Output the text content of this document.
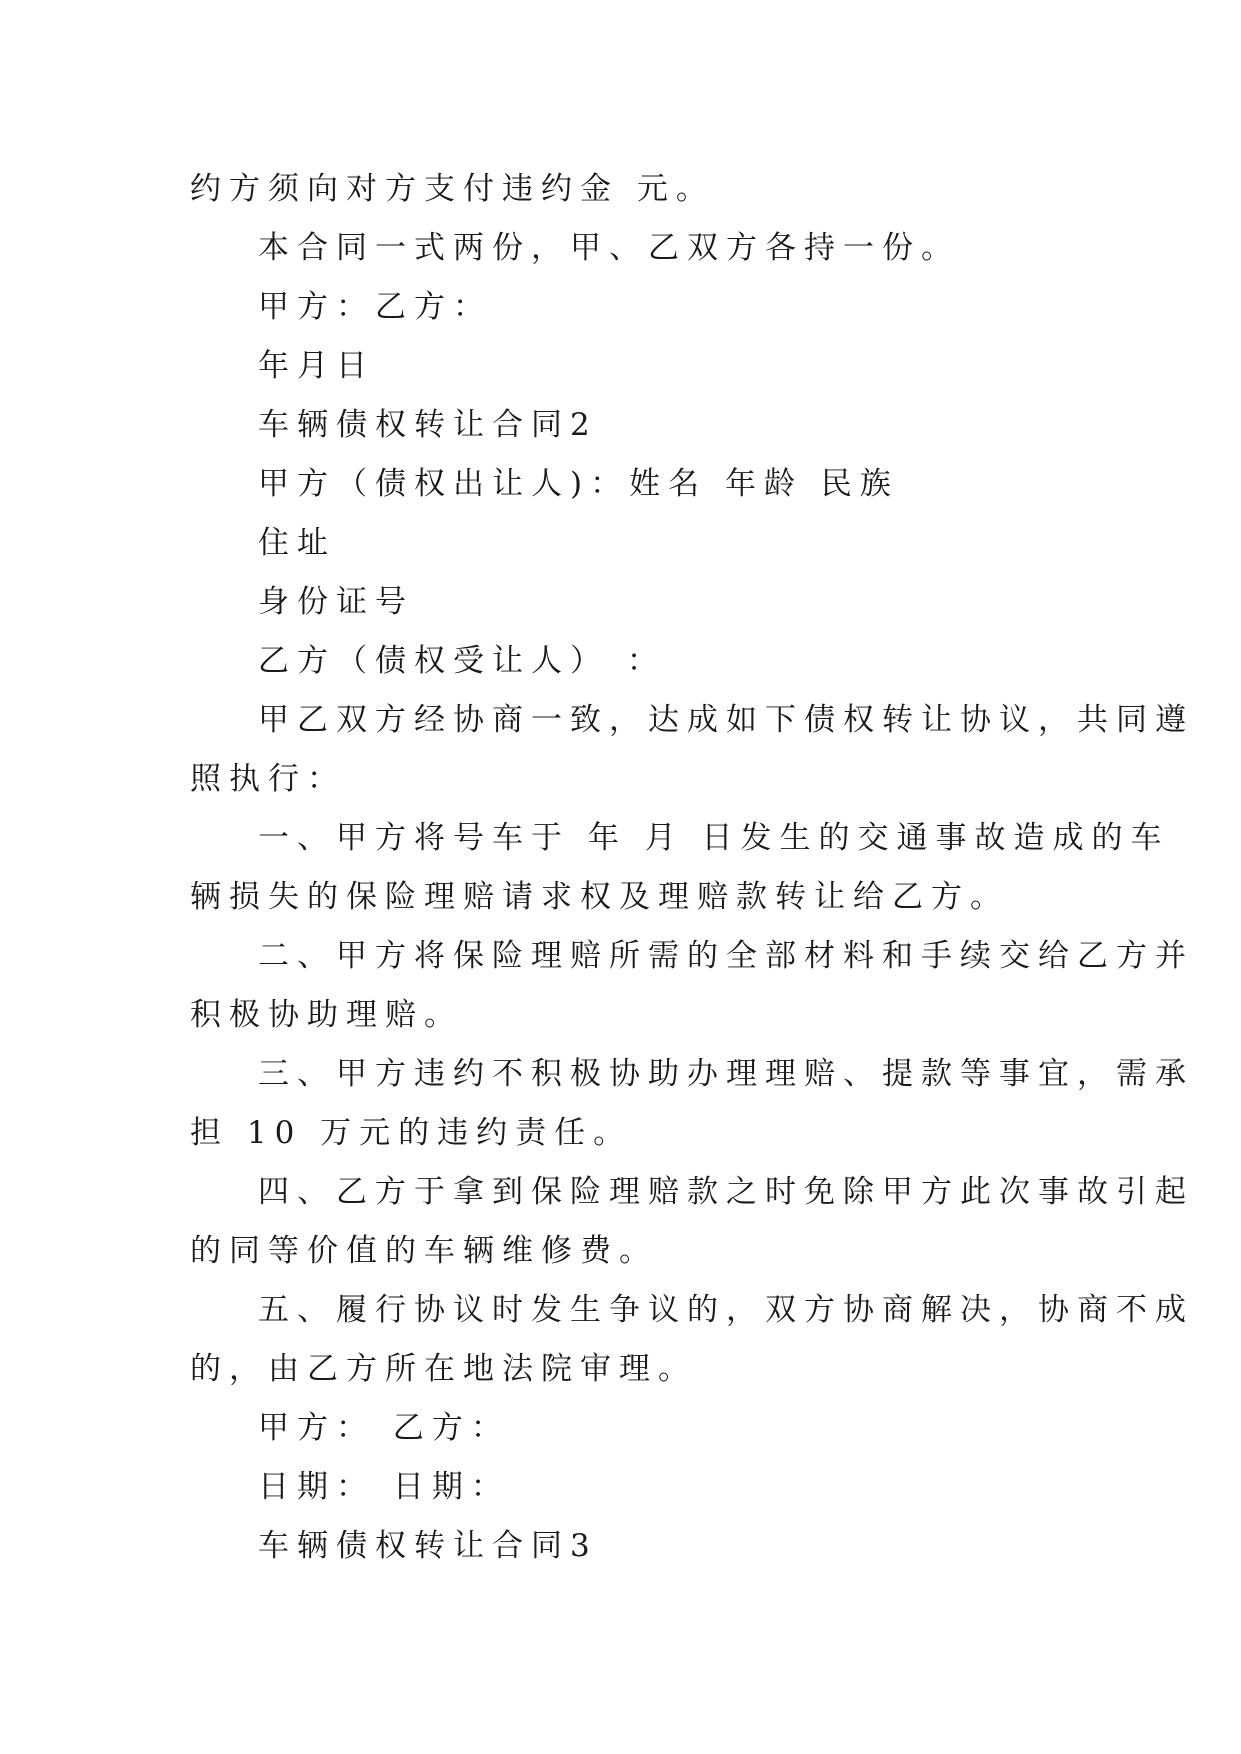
约方须向对方支付违约金 元。
本合同一式两份，甲、乙双方各持一份。
甲方：乙方：
年月日
车辆债权转让合同2
甲方（债权出让人)：姓名 年龄 民族
住址
身份证号
乙方（债权受让人） ：
甲乙双方经协商一致，达成如下债权转让协议，共同遵
照执行：
一、甲方将号车于 年 月 日发生的交通事故造成的车
辆损失的保险理赔请求权及理赔款转让给乙方。
二、甲方将保险理赔所需的全部材料和手续交给乙方并
积极协助理赔。
三、甲方违约不积极协助办理理赔、提款等事宜，需承
担 10 万元的违约责任。
四、乙方于拿到保险理赔款之时免除甲方此次事故引起
的同等价值的车辆维修费。
五、履行协议时发生争议的，双方协商解决，协商不成
的，由乙方所在地法院审理。
甲方： 乙方：
日期： 日期：
车辆债权转让合同3
